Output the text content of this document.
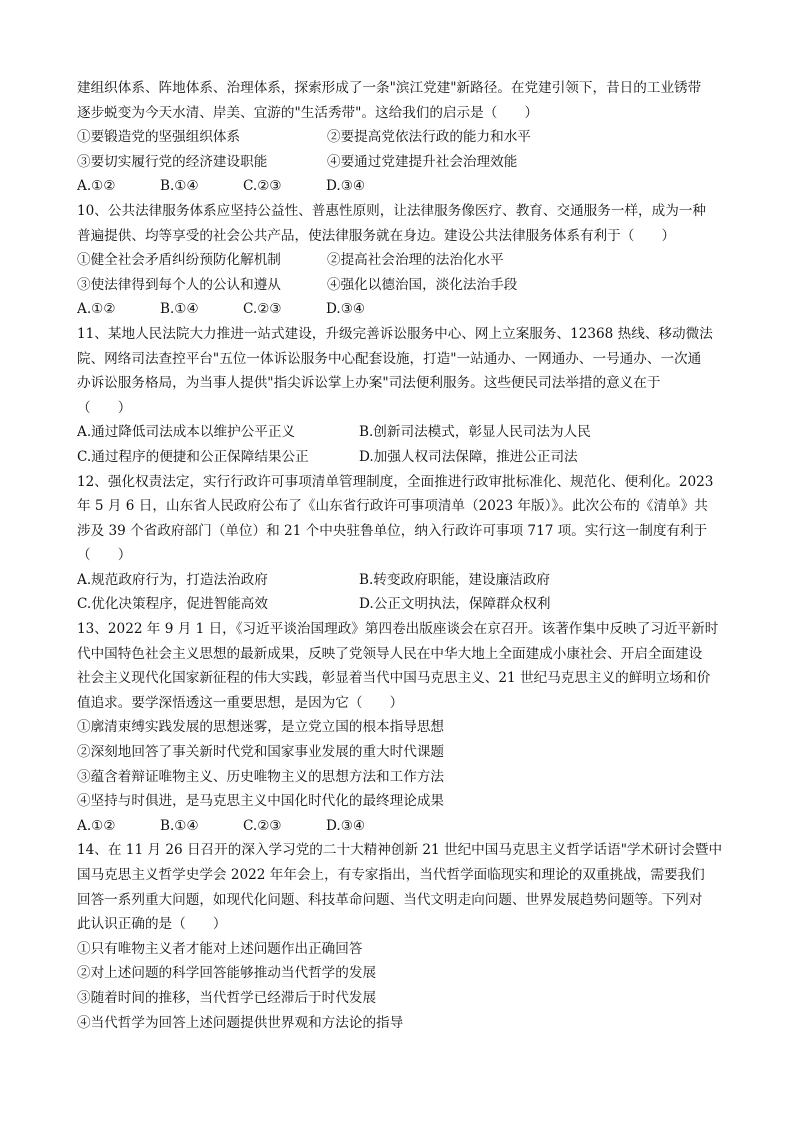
建组织体系、阵地体系、治理体系，探索形成了一条"滨江党建"新路径。在党建引领下，昔日的工业锈带
逐步蜕变为今天水清、岸美、宜游的"生活秀带"。这给我们的启示是（　　）
①要锻造党的坚强组织体系	②要提高党依法行政的能力和水平
③要切实履行党的经济建设职能	④要通过党建提升社会治理效能
A.①②	B.①④	C.②③	D.③④
10、公共法律服务体系应坚持公益性、普惠性原则，让法律服务像医疗、教育、交通服务一样，成为一种
普遍提供、均等享受的社会公共产品，使法律服务就在身边。建设公共法律服务体系有利于（　　）
①健全社会矛盾纠纷预防化解机制	②提高社会治理的法治化水平
③使法律得到每个人的公认和遵从	④强化以德治国，淡化法治手段
A.①②	B.①④	C.②③	D.③④
11、某地人民法院大力推进一站式建设，升级完善诉讼服务中心、网上立案服务、12368 热线、移动微法
院、网络司法查控平台"五位一体诉讼服务中心配套设施，打造"一站通办、一网通办、一号通办、一次通
办诉讼服务格局，为当事人提供"指尖诉讼掌上办案"司法便利服务。这些便民司法举措的意义在于
（　　）
A.通过降低司法成本以维护公平正义	B.创新司法模式，彰显人民司法为人民
C.通过程序的便捷和公正保障结果公正	D.加强人权司法保障，推进公正司法
12、强化权责法定，实行行政许可事项清单管理制度，全面推进行政审批标准化、规范化、便利化。2023
年 5 月 6 日，山东省人民政府公布了《山东省行政许可事项清单（2023 年版）》。此次公布的《清单》共
涉及 39 个省政府部门（单位）和 21 个中央驻鲁单位，纳入行政许可事项 717 项。实行这一制度有利于
（　　）
A.规范政府行为，打造法治政府	B.转变政府职能，建设廉洁政府
C.优化决策程序，促进智能高效	D.公正文明执法，保障群众权利
13、2022 年 9 月 1 日，《习近平谈治国理政》第四卷出版座谈会在京召开。该著作集中反映了习近平新时
代中国特色社会主义思想的最新成果，反映了党领导人民在中华大地上全面建成小康社会、开启全面建设
社会主义现代化国家新征程的伟大实践，彰显着当代中国马克思主义、21 世纪马克思主义的鲜明立场和价
值追求。要学深悟透这一重要思想，是因为它（　　）
①廓清束缚实践发展的思想迷雾，是立党立国的根本指导思想
②深刻地回答了事关新时代党和国家事业发展的重大时代课题
③蕴含着辩证唯物主义、历史唯物主义的思想方法和工作方法
④坚持与时俱进，是马克思主义中国化时代化的最终理论成果
A.①②	B.①④	C.②③	D.③④
14、在 11 月 26 日召开的深入学习党的二十大精神创新 21 世纪中国马克思主义哲学话语"学术研讨会暨中
国马克思主义哲学史学会 2022 年年会上，有专家指出，当代哲学面临现实和理论的双重挑战，需要我们
回答一系列重大问题，如现代化问题、科技革命问题、当代文明走向问题、世界发展趋势问题等。下列对
此认识正确的是（　　）
①只有唯物主义者才能对上述问题作出正确回答
②对上述问题的科学回答能够推动当代哲学的发展
③随着时间的推移，当代哲学已经滞后于时代发展
④当代哲学为回答上述问题提供世界观和方法论的指导
